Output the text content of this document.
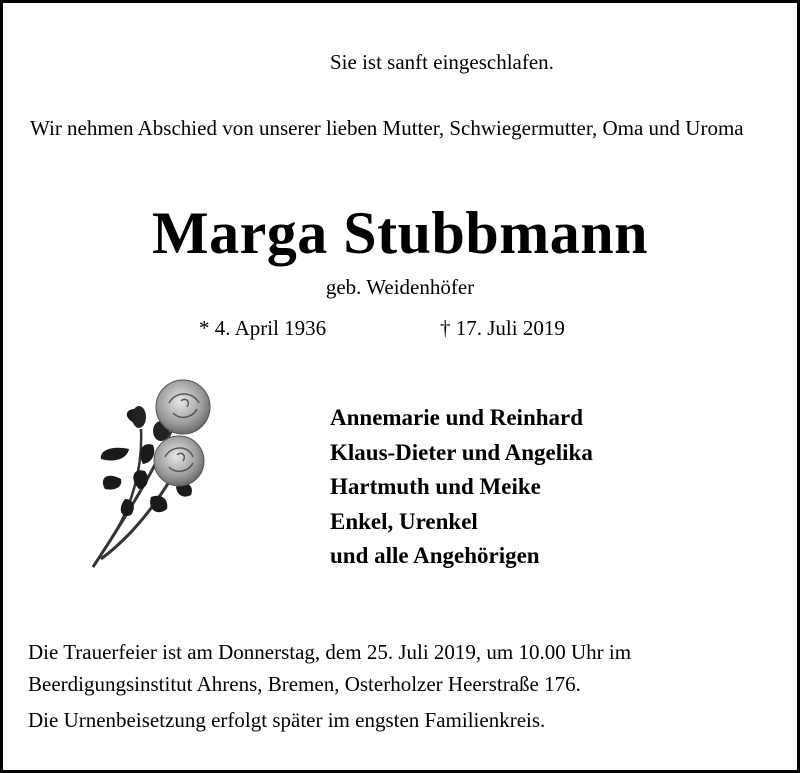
Sie ist sanft eingeschlafen.
Wir nehmen Abschied von unserer lieben Mutter, Schwiegermutter, Oma und Uroma
Marga Stubbmann
geb. Weidenhöfer
* 4. April 1936	† 17. Juli 2019
Annemarie und Reinhard
Klaus-Dieter und Angelika
Hartmuth und Meike
Enkel, Urenkel
und alle Angehörigen
Die Trauerfeier ist am Donnerstag, dem 25. Juli 2019, um 10.00 Uhr im Beerdigungsinstitut Ahrens, Bremen, Osterholzer Heerstraße 176.
Die Urnenbeisetzung erfolgt später im engsten Familienkreis.
